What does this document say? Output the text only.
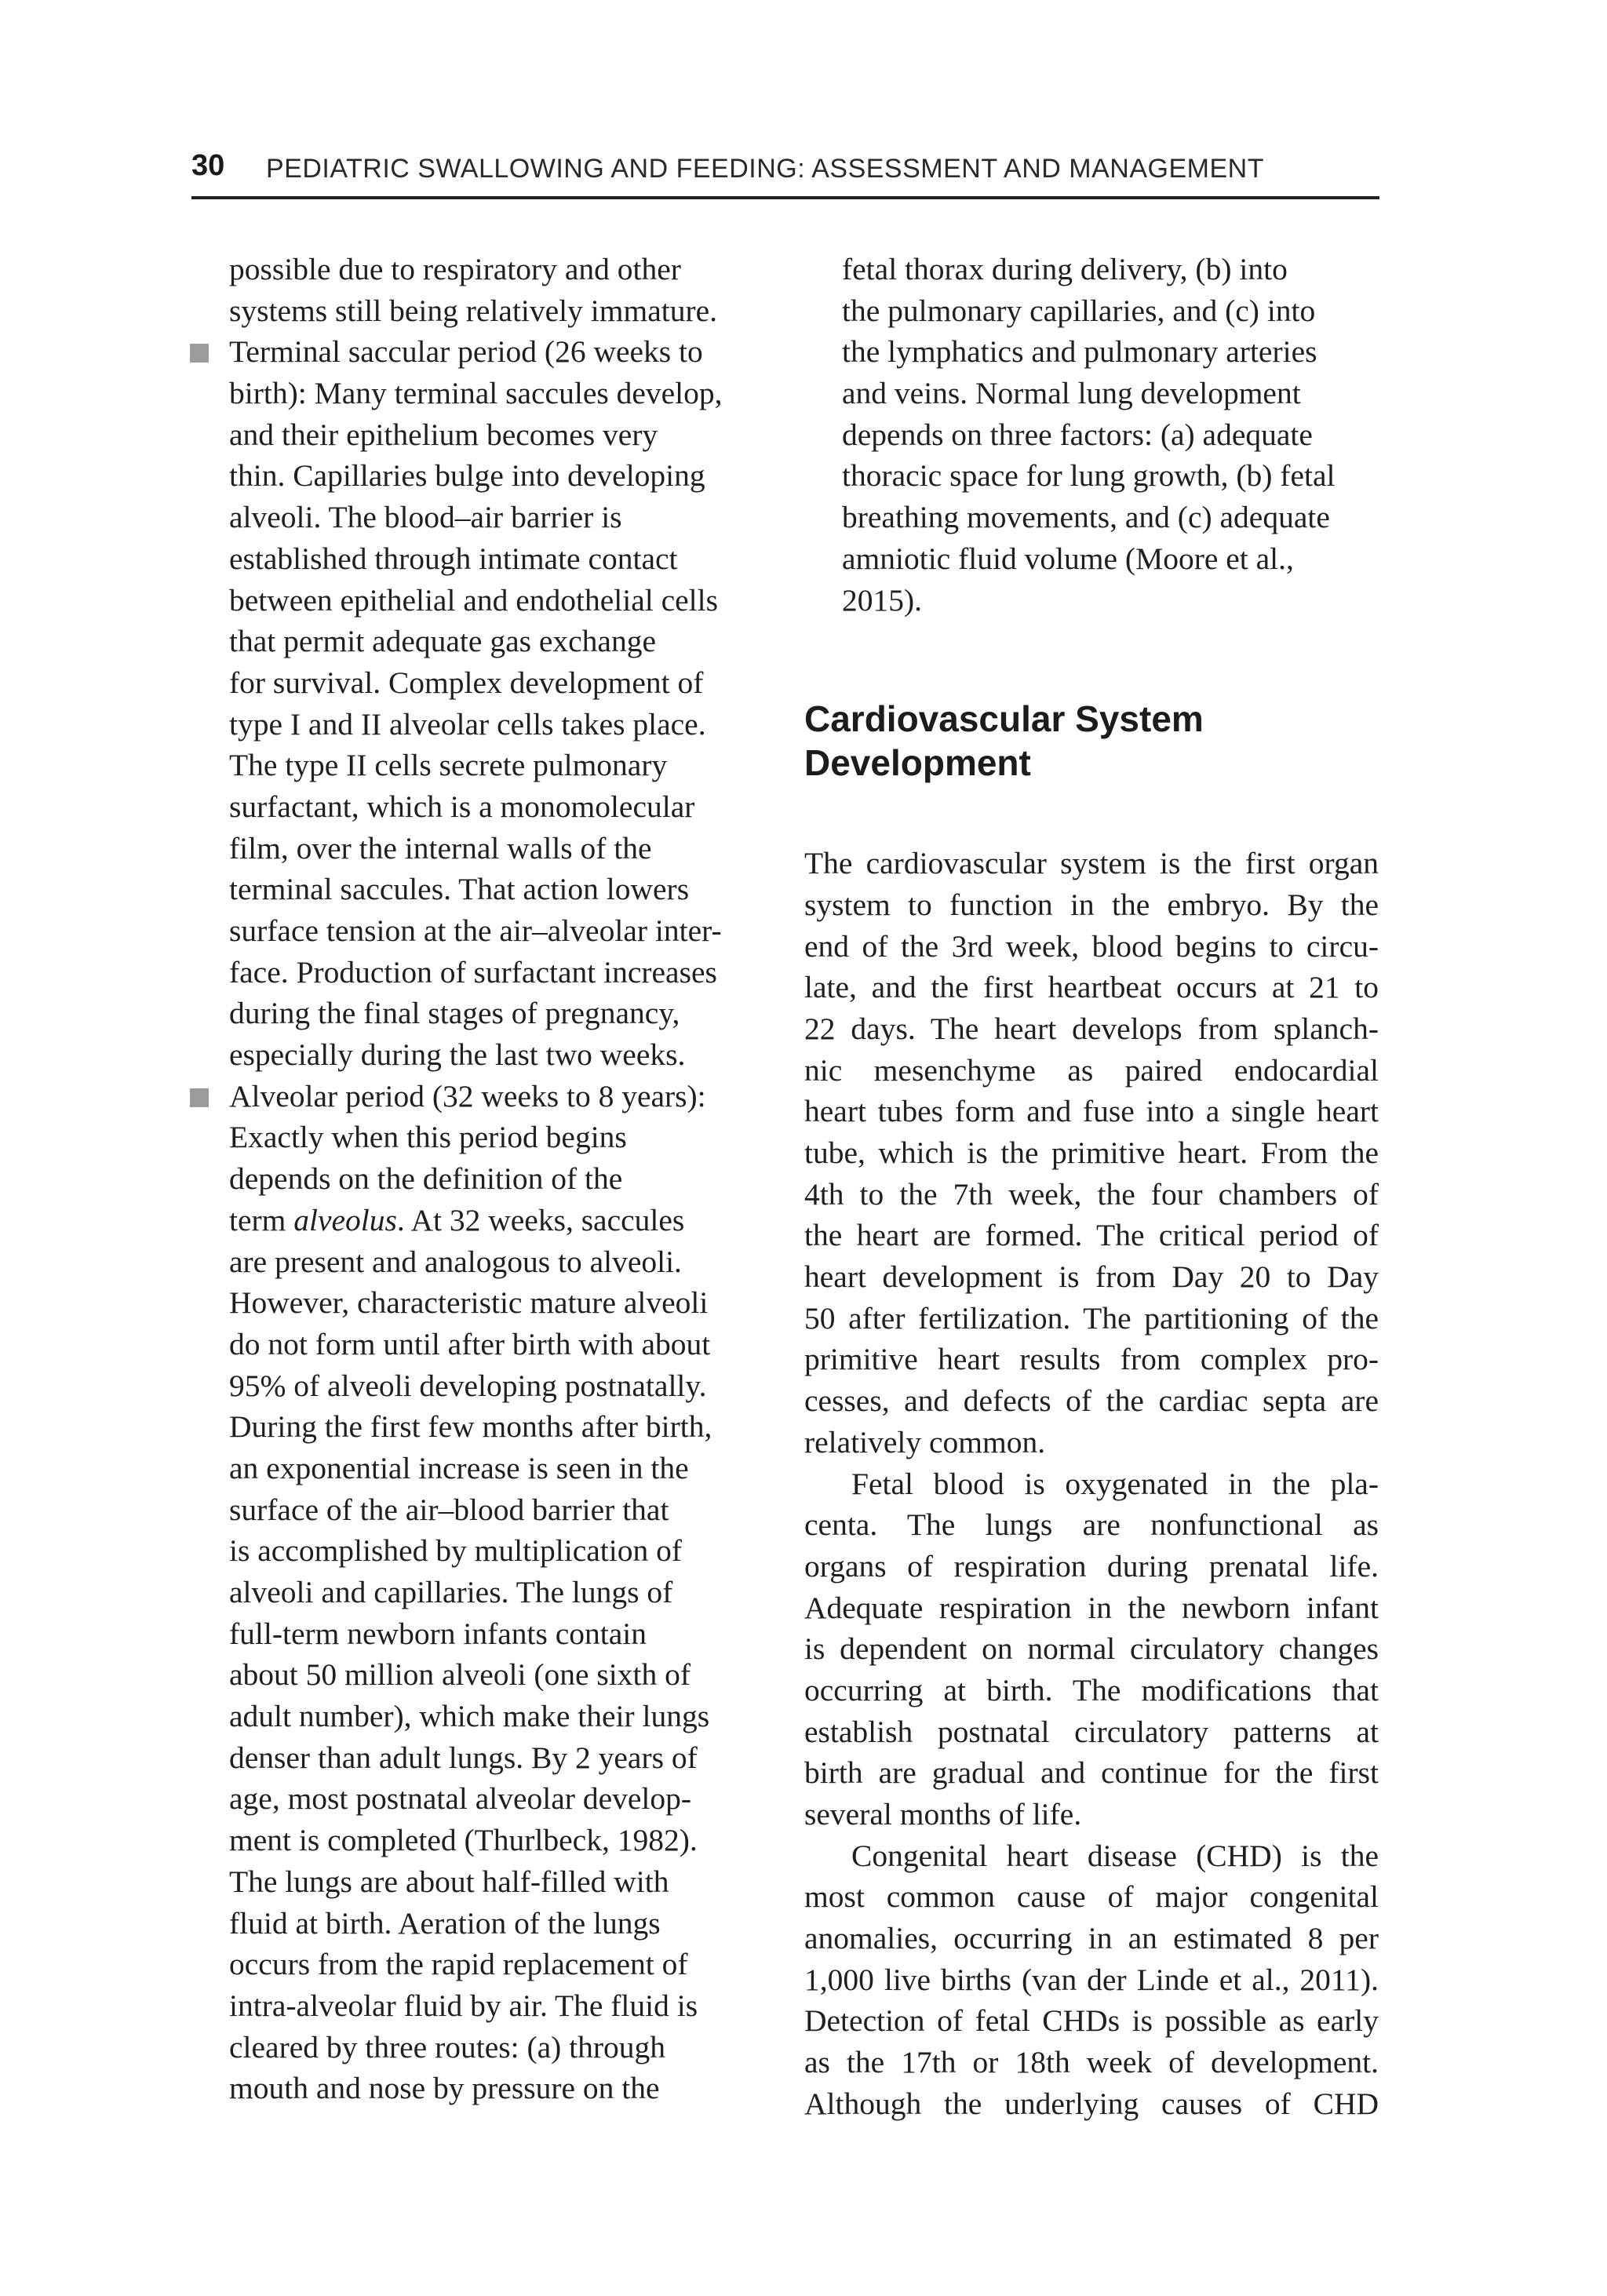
30 PEDIATRIC SWALLOWING AND FEEDING: ASSESSMENT AND MANAGEMENT
possible due to respiratory and other
systems still being relatively immature.
Terminal saccular period (26 weeks to
birth): Many terminal saccules develop,
and their epithelium becomes very
thin. Capillaries bulge into developing
alveoli. The blood–air barrier is
established through intimate contact
between epithelial and endothelial cells
that permit adequate gas exchange
for survival. Complex development of
type I and II alveolar cells takes place.
The type II cells secrete pulmonary
surfactant, which is a monomolecular
film, over the internal walls of the
terminal saccules. That action lowers
surface tension at the air–alveolar inter-
face. Production of surfactant increases
during the final stages of pregnancy,
especially during the last two weeks.
Alveolar period (32 weeks to 8 years):
Exactly when this period begins
depends on the definition of the
term alveolus. At 32 weeks, saccules
are present and analogous to alveoli.
However, characteristic mature alveoli
do not form until after birth with about
95% of alveoli developing postnatally.
During the first few months after birth,
an exponential increase is seen in the
surface of the air–blood barrier that
is accomplished by multiplication of
alveoli and capillaries. The lungs of
full-term newborn infants contain
about 50 million alveoli (one sixth of
adult number), which make their lungs
denser than adult lungs. By 2 years of
age, most postnatal alveolar develop-
ment is completed (Thurlbeck, 1982).
The lungs are about half-filled with
fluid at birth. Aeration of the lungs
occurs from the rapid replacement of
intra-alveolar fluid by air. The fluid is
cleared by three routes: (a) through
mouth and nose by pressure on the
fetal thorax during delivery, (b) into
the pulmonary capillaries, and (c) into
the lymphatics and pulmonary arteries
and veins. Normal lung development
depends on three factors: (a) adequate
thoracic space for lung growth, (b) fetal
breathing movements, and (c) adequate
amniotic fluid volume (Moore et al.,
2015).
Cardiovascular System
Development
The cardiovascular system is the first organ
system to function in the embryo. By the
end of the 3rd week, blood begins to circu-
late, and the first heartbeat occurs at 21 to
22 days. The heart develops from splanch-
nic mesenchyme as paired endocardial
heart tubes form and fuse into a single heart
tube, which is the primitive heart. From the
4th to the 7th week, the four chambers of
the heart are formed. The critical period of
heart development is from Day 20 to Day
50 after fertilization. The partitioning of the
primitive heart results from complex pro-
cesses, and defects of the cardiac septa are
relatively common.
Fetal blood is oxygenated in the pla-
centa. The lungs are nonfunctional as
organs of respiration during prenatal life.
Adequate respiration in the newborn infant
is dependent on normal circulatory changes
occurring at birth. The modifications that
establish postnatal circulatory patterns at
birth are gradual and continue for the first
several months of life.
Congenital heart disease (CHD) is the
most common cause of major congenital
anomalies, occurring in an estimated 8 per
1,000 live births (van der Linde et al., 2011).
Detection of fetal CHDs is possible as early
as the 17th or 18th week of development.
Although the underlying causes of CHD
